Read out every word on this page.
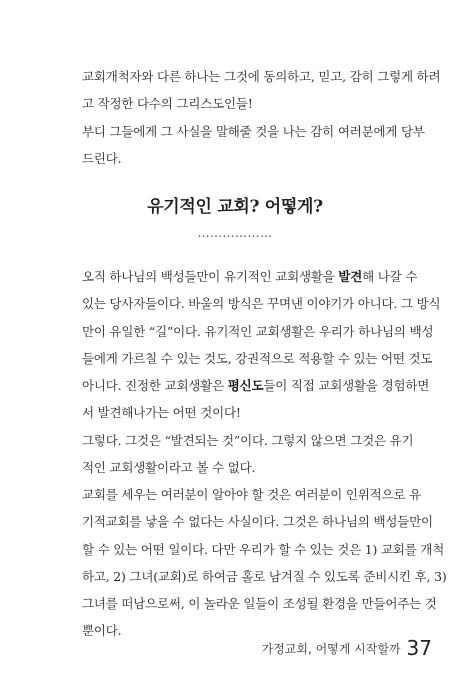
교회개척자와 다른 하나는 그것에 동의하고, 믿고, 감히 그렇게 하려
고 작정한 다수의 그리스도인들!
부디 그들에게 그 사실을 말해줄 것을 나는 감히 여러분에게 당부
드린다.
유기적인 교회? 어떻게?
………………
오직 하나님의 백성들만이 유기적인 교회생활을 발견해 나갈 수
있는 당사자들이다. 바울의 방식은 꾸며낸 이야기가 아니다. 그 방식
만이 유일한 “길”이다. 유기적인 교회생활은 우리가 하나님의 백성
들에게 가르칠 수 있는 것도, 강권적으로 적용할 수 있는 어떤 것도
아니다. 진정한 교회생활은 평신도들이 직접 교회생활을 경험하면
서 발견해나가는 어떤 것이다!
그렇다. 그것은 “발견되는 것”이다. 그렇지 않으면 그것은 유기
적인 교회생활이라고 볼 수 없다.
교회를 세우는 여러분이 알아야 할 것은 여러분이 인위적으로 유
기적교회를 낳을 수 없다는 사실이다. 그것은 하나님의 백성들만이
할 수 있는 어떤 일이다. 다만 우리가 할 수 있는 것은 1) 교회를 개척
하고, 2) 그녀(교회)로 하여금 홀로 남겨질 수 있도록 준비시킨 후, 3)
그녀를 떠남으로써, 이 놀라운 일들이 조성될 환경을 만들어주는 것
뿐이다.
가정교회, 어떻게 시작할까 37
